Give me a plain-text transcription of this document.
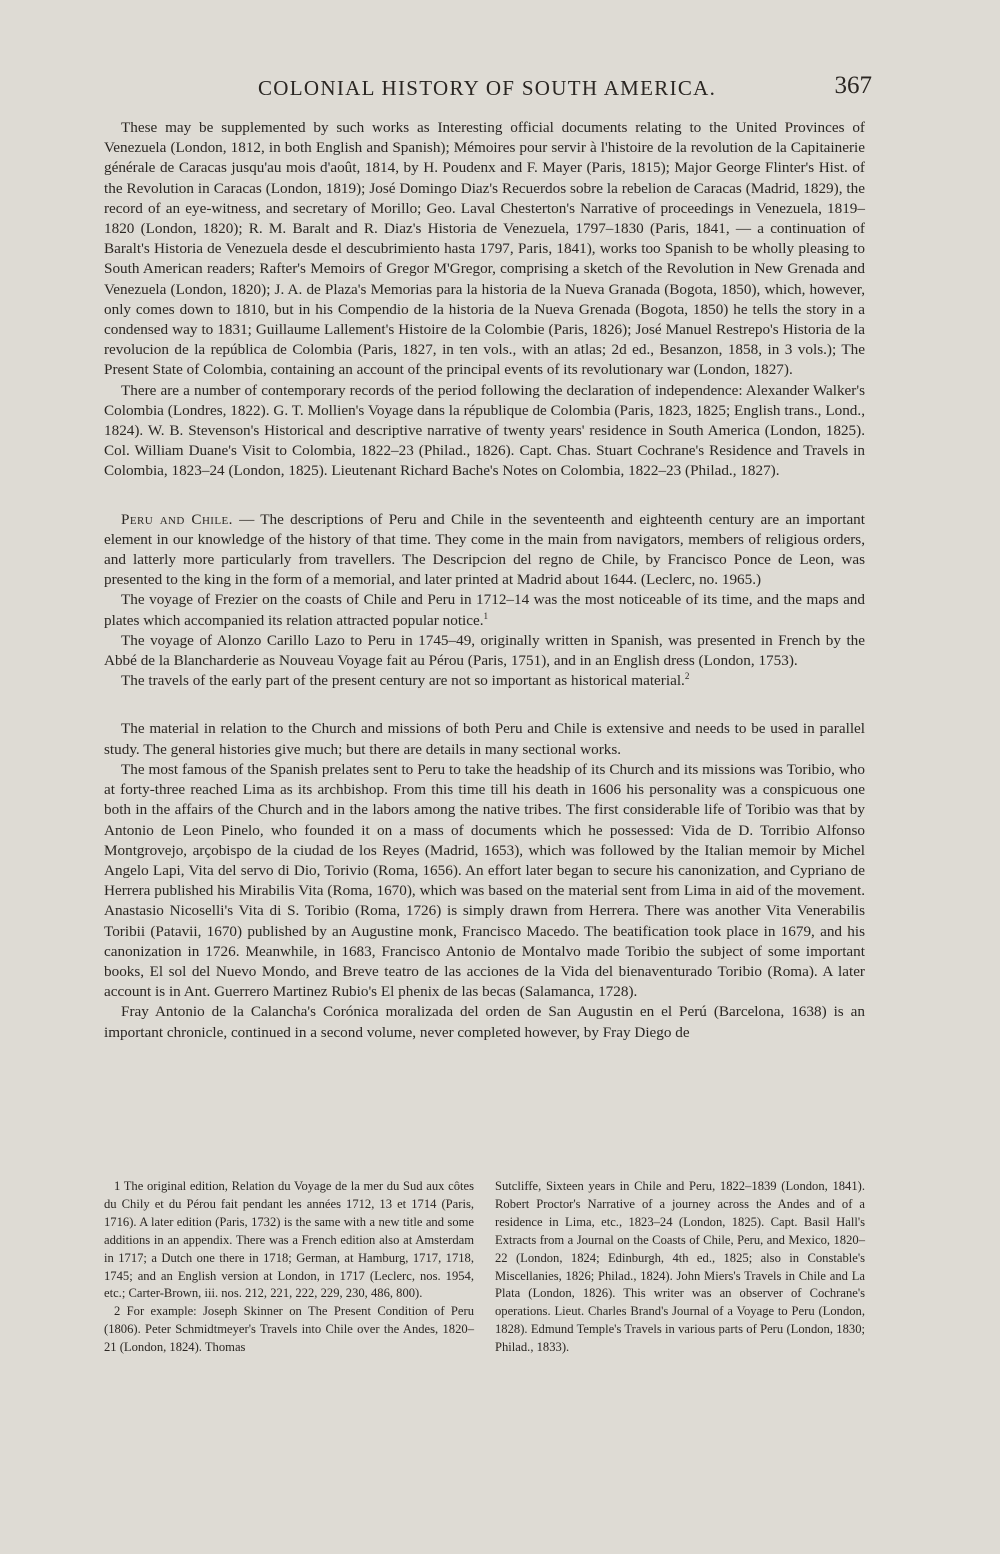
COLONIAL HISTORY OF SOUTH AMERICA.	367

These may be supplemented by such works as Interesting official documents relating to the United Provinces of Venezuela (London, 1812, in both English and Spanish); Mémoires pour servir à l'histoire de la revolution de la Capitainerie générale de Caracas jusqu'au mois d'août, 1814, by H. Poudenx and F. Mayer (Paris, 1815); Major George Flinter's Hist. of the Revolution in Caracas (London, 1819); José Domingo Diaz's Recuerdos sobre la rebelion de Caracas (Madrid, 1829), the record of an eye-witness, and secretary of Morillo; Geo. Laval Chesterton's Narrative of proceedings in Venezuela, 1819–1820 (London, 1820); R. M. Baralt and R. Diaz's Historia de Venezuela, 1797–1830 (Paris, 1841, — a continuation of Baralt's Historia de Venezuela desde el descubrimiento hasta 1797, Paris, 1841), works too Spanish to be wholly pleasing to South American readers; Rafter's Memoirs of Gregor M'Gregor, comprising a sketch of the Revolution in New Grenada and Venezuela (London, 1820); J. A. de Plaza's Memorias para la historia de la Nueva Granada (Bogota, 1850), which, however, only comes down to 1810, but in his Compendio de la historia de la Nueva Grenada (Bogota, 1850) he tells the story in a condensed way to 1831; Guillaume Lallement's Histoire de la Colombie (Paris, 1826); José Manuel Restrepo's Historia de la revolucion de la república de Colombia (Paris, 1827, in ten vols., with an atlas; 2d ed., Besanzon, 1858, in 3 vols.); The Present State of Colombia, containing an account of the principal events of its revolutionary war (London, 1827).

There are a number of contemporary records of the period following the declaration of independence: Alexander Walker's Colombia (Londres, 1822). G. T. Mollien's Voyage dans la république de Colombia (Paris, 1823, 1825; English trans., Lond., 1824). W. B. Stevenson's Historical and descriptive narrative of twenty years' residence in South America (London, 1825). Col. William Duane's Visit to Colombia, 1822–23 (Philad., 1826). Capt. Chas. Stuart Cochrane's Residence and Travels in Colombia, 1823–24 (London, 1825). Lieutenant Richard Bache's Notes on Colombia, 1822–23 (Philad., 1827).

Peru and Chile. — The descriptions of Peru and Chile in the seventeenth and eighteenth century are an important element in our knowledge of the history of that time. They come in the main from navigators, members of religious orders, and latterly more particularly from travellers. The Descripcion del regno de Chile, by Francisco Ponce de Leon, was presented to the king in the form of a memorial, and later printed at Madrid about 1644. (Leclerc, no. 1965.)

The voyage of Frezier on the coasts of Chile and Peru in 1712–14 was the most noticeable of its time, and the maps and plates which accompanied its relation attracted popular notice.$^1$

The voyage of Alonzo Carillo Lazo to Peru in 1745–49, originally written in Spanish, was presented in French by the Abbé de la Blancharderie as Nouveau Voyage fait au Pérou (Paris, 1751), and in an English dress (London, 1753).

The travels of the early part of the present century are not so important as historical material.$^2$

The material in relation to the Church and missions of both Peru and Chile is extensive and needs to be used in parallel study. The general histories give much; but there are details in many sectional works.

The most famous of the Spanish prelates sent to Peru to take the headship of its Church and its missions was Toribio, who at forty-three reached Lima as its archbishop. From this time till his death in 1606 his personality was a conspicuous one both in the affairs of the Church and in the labors among the native tribes. The first considerable life of Toribio was that by Antonio de Leon Pinelo, who founded it on a mass of documents which he possessed: Vida de D. Torribio Alfonso Montgrovejo, arçobispo de la ciudad de los Reyes (Madrid, 1653), which was followed by the Italian memoir by Michel Angelo Lapi, Vita del servo di Dio, Torivio (Roma, 1656). An effort later began to secure his canonization, and Cypriano de Herrera published his Mirabilis Vita (Roma, 1670), which was based on the material sent from Lima in aid of the movement. Anastasio Nicoselli's Vita di S. Toribio (Roma, 1726) is simply drawn from Herrera. There was another Vita Venerabilis Toribii (Patavii, 1670) published by an Augustine monk, Francisco Macedo. The beatification took place in 1679, and his canonization in 1726. Meanwhile, in 1683, Francisco Antonio de Montalvo made Toribio the subject of some important books, El sol del Nuevo Mondo, and Breve teatro de las acciones de la Vida del bienaventurado Toribio (Roma). A later account is in Ant. Guerrero Martinez Rubio's El phenix de las becas (Salamanca, 1728).

Fray Antonio de la Calancha's Corónica moralizada del orden de San Augustin en el Perú (Barcelona, 1638) is an important chronicle, continued in a second volume, never completed however, by Fray Diego de

1 The original edition, Relation du Voyage de la mer du Sud aux côtes du Chily et du Pérou fait pendant les années 1712, 13 et 1714 (Paris, 1716). A later edition (Paris, 1732) is the same with a new title and some additions in an appendix. There was a French edition also at Amsterdam in 1717; a Dutch one there in 1718; German, at Hamburg, 1717, 1718, 1745; and an English version at London, in 1717 (Leclerc, nos. 1954, etc.; Carter-Brown, iii. nos. 212, 221, 222, 229, 230, 486, 800).

2 For example: Joseph Skinner on The Present Condition of Peru (1806). Peter Schmidtmeyer's Travels into Chile over the Andes, 1820–21 (London, 1824). Thomas

Sutcliffe, Sixteen years in Chile and Peru, 1822–1839 (London, 1841). Robert Proctor's Narrative of a journey across the Andes and of a residence in Lima, etc., 1823–24 (London, 1825). Capt. Basil Hall's Extracts from a Journal on the Coasts of Chile, Peru, and Mexico, 1820–22 (London, 1824; Edinburgh, 4th ed., 1825; also in Constable's Miscellanies, 1826; Philad., 1824). John Miers's Travels in Chile and La Plata (London, 1826). This writer was an observer of Cochrane's operations. Lieut. Charles Brand's Journal of a Voyage to Peru (London, 1828). Edmund Temple's Travels in various parts of Peru (London, 1830; Philad., 1833).
